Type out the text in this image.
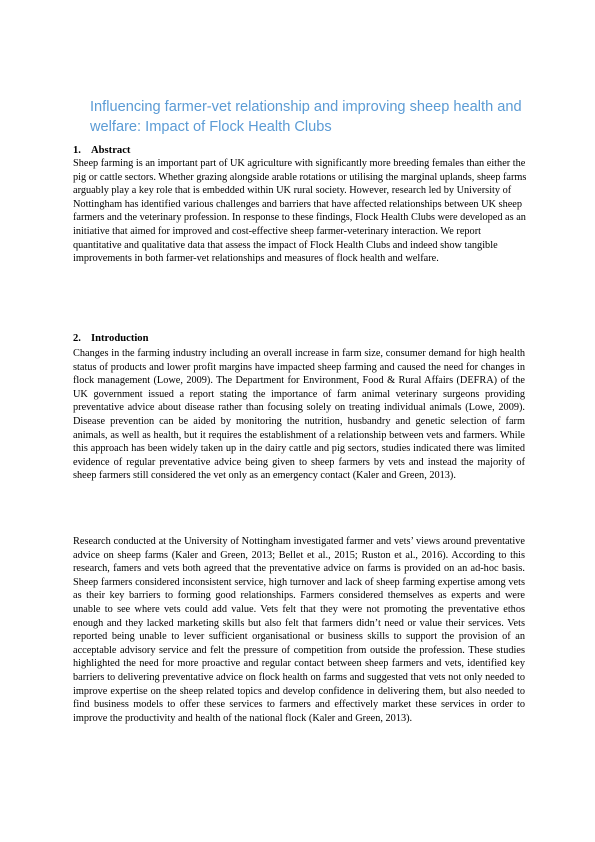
Influencing farmer-vet relationship and improving sheep health and welfare: Impact of Flock Health Clubs
1. Abstract

Sheep farming is an important part of UK agriculture with significantly more breeding females than either the pig or cattle sectors. Whether grazing alongside arable rotations or utilising the marginal uplands, sheep farms arguably play a key role that is embedded within UK rural society. However, research led by University of Nottingham has identified various challenges and barriers that have affected relationships between UK sheep farmers and the veterinary profession. In response to these findings, Flock Health Clubs were developed as an initiative that aimed for improved and cost-effective sheep farmer-veterinary interaction. We report quantitative and qualitative data that assess the impact of Flock Health Clubs and indeed show tangible improvements in both farmer-vet relationships and measures of flock health and welfare.

2. Introduction

Changes in the farming industry including an overall increase in farm size, consumer demand for high health status of products and lower profit margins have impacted sheep farming and caused the need for changes in flock management (Lowe, 2009). The Department for Environment, Food & Rural Affairs (DEFRA) of the UK government issued a report stating the importance of farm animal veterinary surgeons providing preventative advice about disease rather than focusing solely on treating individual animals (Lowe, 2009). Disease prevention can be aided by monitoring the nutrition, husbandry and genetic selection of farm animals, as well as health, but it requires the establishment of a relationship between vets and farmers. While this approach has been widely taken up in the dairy cattle and pig sectors, studies indicated there was limited evidence of regular preventative advice being given to sheep farmers by vets and instead the majority of sheep farmers still considered the vet only as an emergency contact (Kaler and Green, 2013).

Research conducted at the University of Nottingham investigated farmer and vets’ views around preventative advice on sheep farms (Kaler and Green, 2013; Bellet et al., 2015; Ruston et al., 2016). According to this research, famers and vets both agreed that the preventative advice on farms is provided on an ad-hoc basis. Sheep farmers considered inconsistent service, high turnover and lack of sheep farming expertise among vets as their key barriers to forming good relationships. Farmers considered themselves as experts and were unable to see where vets could add value. Vets felt that they were not promoting the preventative ethos enough and they lacked marketing skills but also felt that farmers didn’t need or value their services. Vets reported being unable to lever sufficient organisational or business skills to support the provision of an acceptable advisory service and felt the pressure of competition from outside the profession. These studies highlighted the need for more proactive and regular contact between sheep farmers and vets, identified key barriers to delivering preventative advice on flock health on farms and suggested that vets not only needed to improve expertise on the sheep related topics and develop confidence in delivering them, but also needed to find business models to offer these services to farmers and effectively market these services in order to improve the productivity and health of the national flock (Kaler and Green, 2013).
